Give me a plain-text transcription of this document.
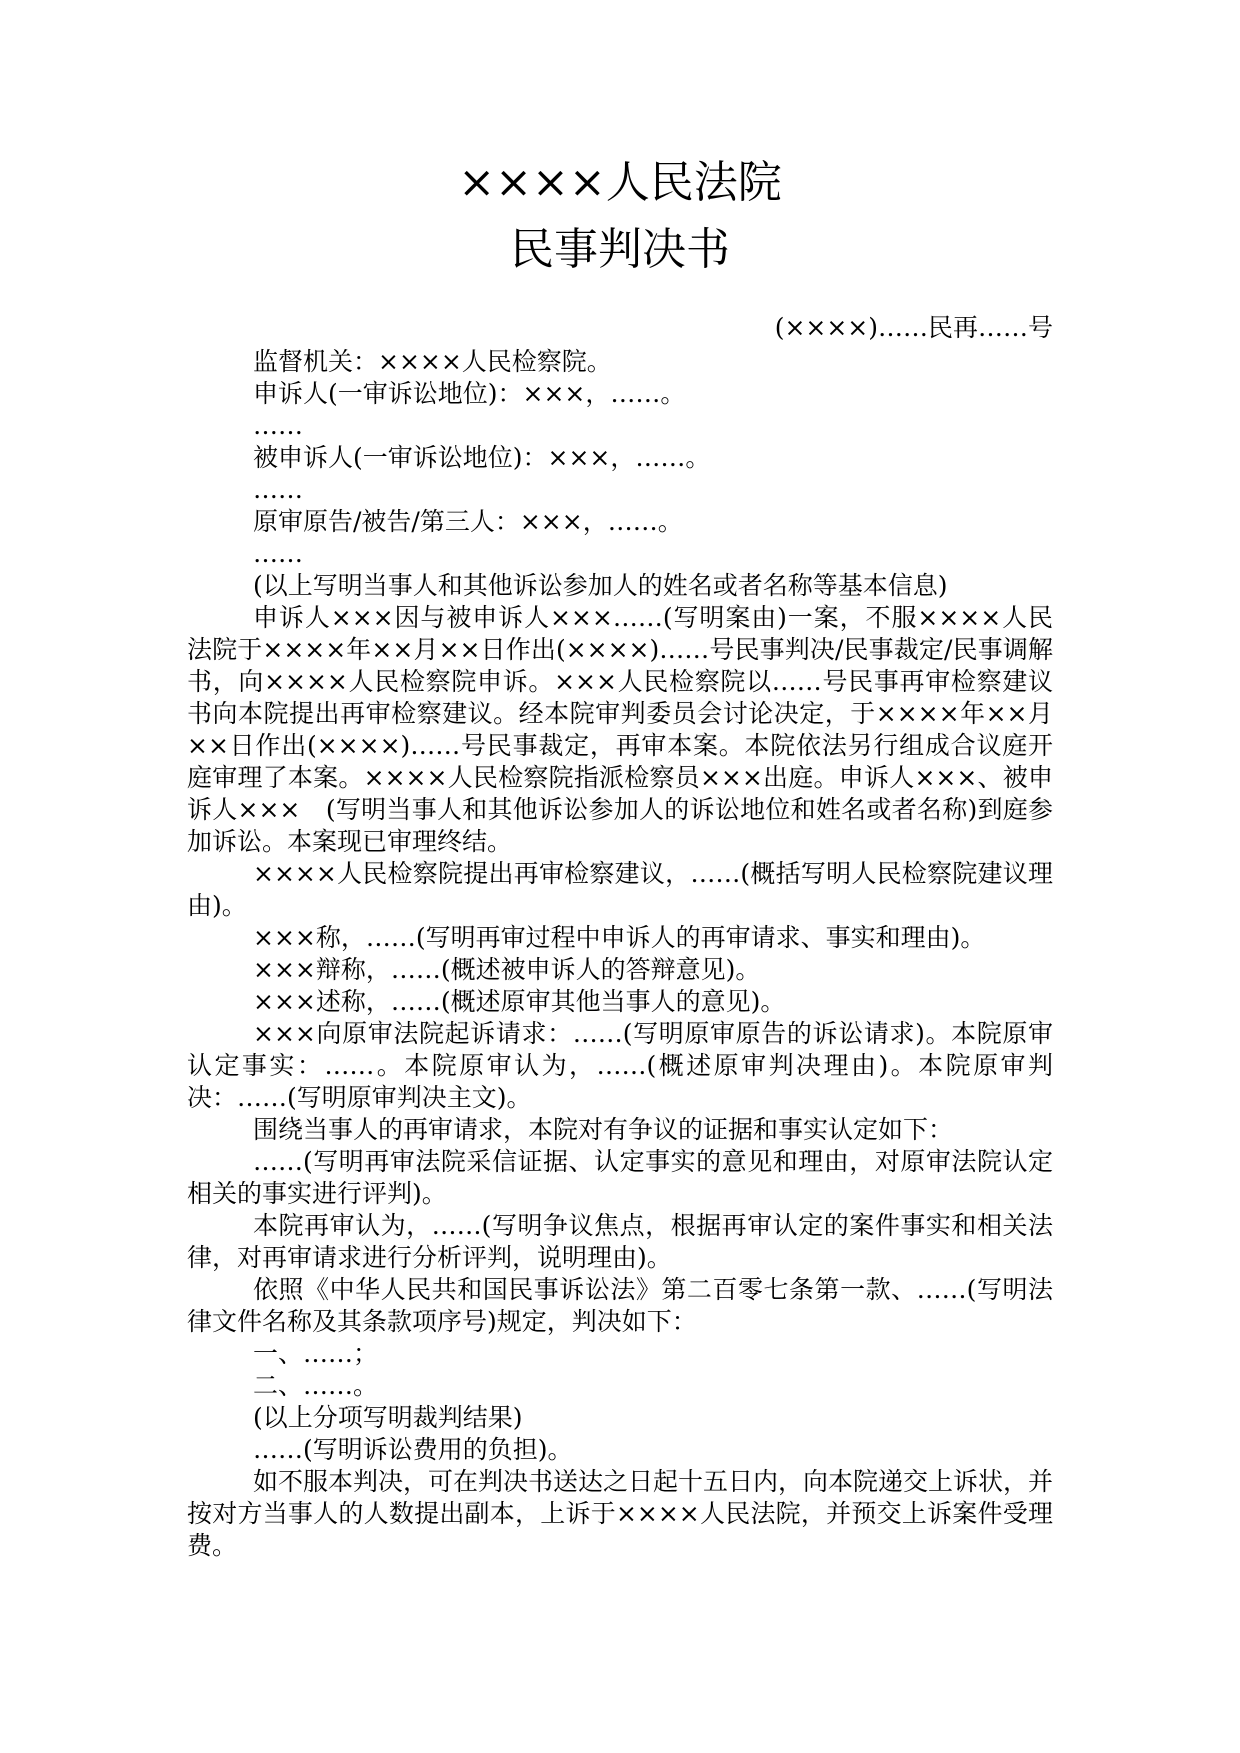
××××人民法院
民事判决书

(××××)……民再……号

监督机关：××××人民检察院。

申诉人(一审诉讼地位)：×××，……。

……

被申诉人(一审诉讼地位)：×××，……。

……

原审原告/被告/第三人：×××，……。

……

(以上写明当事人和其他诉讼参加人的姓名或者名称等基本信息)

申诉人×××因与被申诉人×××……(写明案由)一案，不服××××人民法院于××××年××月××日作出(××××)……号民事判决/民事裁定/民事调解书，向××××人民检察院申诉。×××人民检察院以……号民事再审检察建议书向本院提出再审检察建议。经本院审判委员会讨论决定，于××××年××月××日作出(××××)……号民事裁定，再审本案。本院依法另行组成合议庭开庭审理了本案。××××人民检察院指派检察员×××出庭。申诉人×××、被申诉人×××　(写明当事人和其他诉讼参加人的诉讼地位和姓名或者名称)到庭参加诉讼。本案现已审理终结。

××××人民检察院提出再审检察建议，……(概括写明人民检察院建议理由)。

×××称，……(写明再审过程中申诉人的再审请求、事实和理由)。

×××辩称，……(概述被申诉人的答辩意见)。

×××述称，……(概述原审其他当事人的意见)。

×××向原审法院起诉请求：……(写明原审原告的诉讼请求)。本院原审认定事实：……。本院原审认为，……(概述原审判决理由)。本院原审判决：……(写明原审判决主文)。

围绕当事人的再审请求，本院对有争议的证据和事实认定如下：

……(写明再审法院采信证据、认定事实的意见和理由，对原审法院认定相关的事实进行评判)。

本院再审认为，……(写明争议焦点，根据再审认定的案件事实和相关法律，对再审请求进行分析评判，说明理由)。

依照《中华人民共和国民事诉讼法》第二百零七条第一款、……(写明法律文件名称及其条款项序号)规定，判决如下：

一、……；

二、……。

(以上分项写明裁判结果)

……(写明诉讼费用的负担)。

如不服本判决，可在判决书送达之日起十五日内，向本院递交上诉状，并按对方当事人的人数提出副本，上诉于××××人民法院，并预交上诉案件受理费。
